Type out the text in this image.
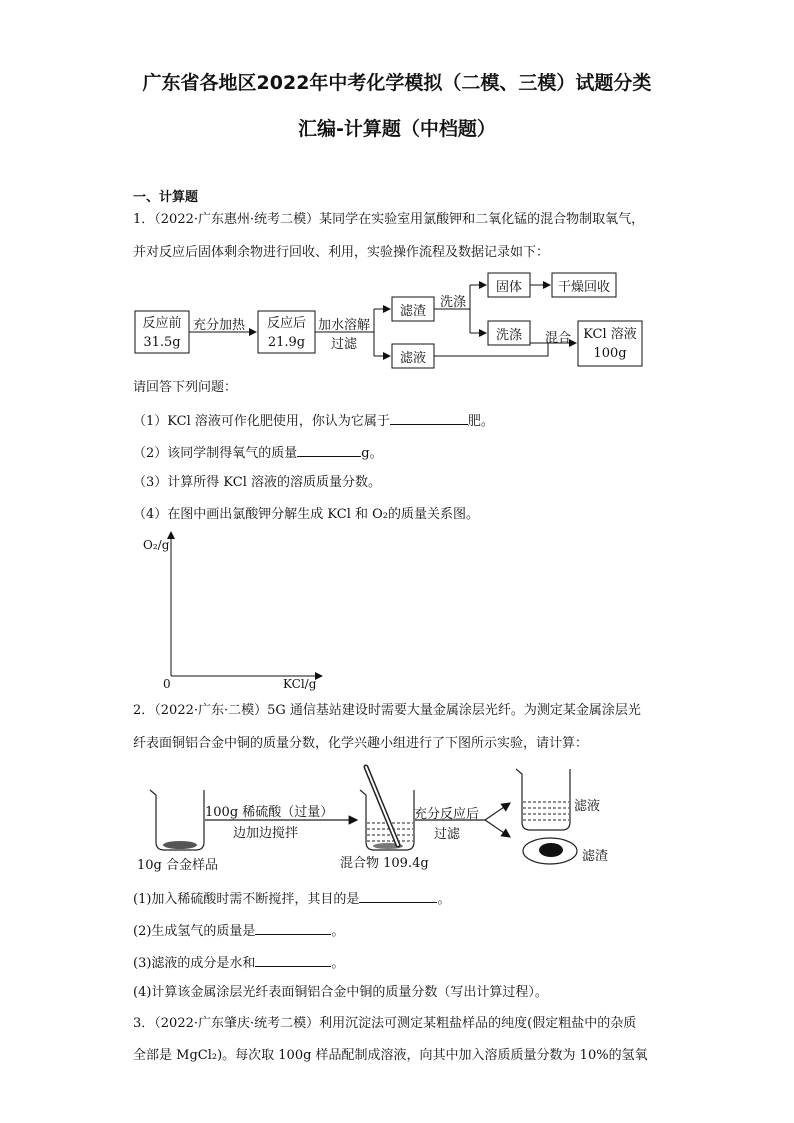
广东省各地区2022年中考化学模拟（二模、三模）试题分类
汇编-计算题（中档题）
一、计算题
1．（2022·广东惠州·统考二模）某同学在实验室用氯酸钾和二氧化锰的混合物制取氧气，
并对反应后固体剩余物进行回收、利用，实验操作流程及数据记录如下：
反应前
31.5g
充分加热	反应后
21.9g
加水溶解
过滤
滤渣
滤液
洗涤
固体	干燥回收
洗涤	混合 KCl 溶液
100g
请回答下列问题：
（1）KCl 溶液可作化肥使用，你认为它属于	肥。
（2）该同学制得氧气的质量	g。
（3）计算所得 KCl 溶液的溶质质量分数。
（4）在图中画出氯酸钾分解生成 KCl 和 O₂的质量关系图。
O₂/g
0	KCl/g
2．（2022·广东·二模）5G 通信基站建设时需要大量金属涂层光纤。为测定某金属涂层光
纤表面铜铝合金中铜的质量分数，化学兴趣小组进行了下图所示实验，请计算：
100g 稀硫酸（过量）
边加边搅拌
10g 合金样品	混合物 109.4g
充分反应后
过滤
滤液
滤渣
(1)加入稀硫酸时需不断搅拌，其目的是	。
(2)生成氢气的质量是	。
(3)滤液的成分是水和	。
(4)计算该金属涂层光纤表面铜铝合金中铜的质量分数（写出计算过程）。
3．（2022·广东肇庆·统考二模）利用沉淀法可测定某粗盐样品的纯度(假定粗盐中的杂质
全部是 MgCl₂)。每次取 100g 样品配制成溶液，向其中加入溶质质量分数为 10%的氢氧
